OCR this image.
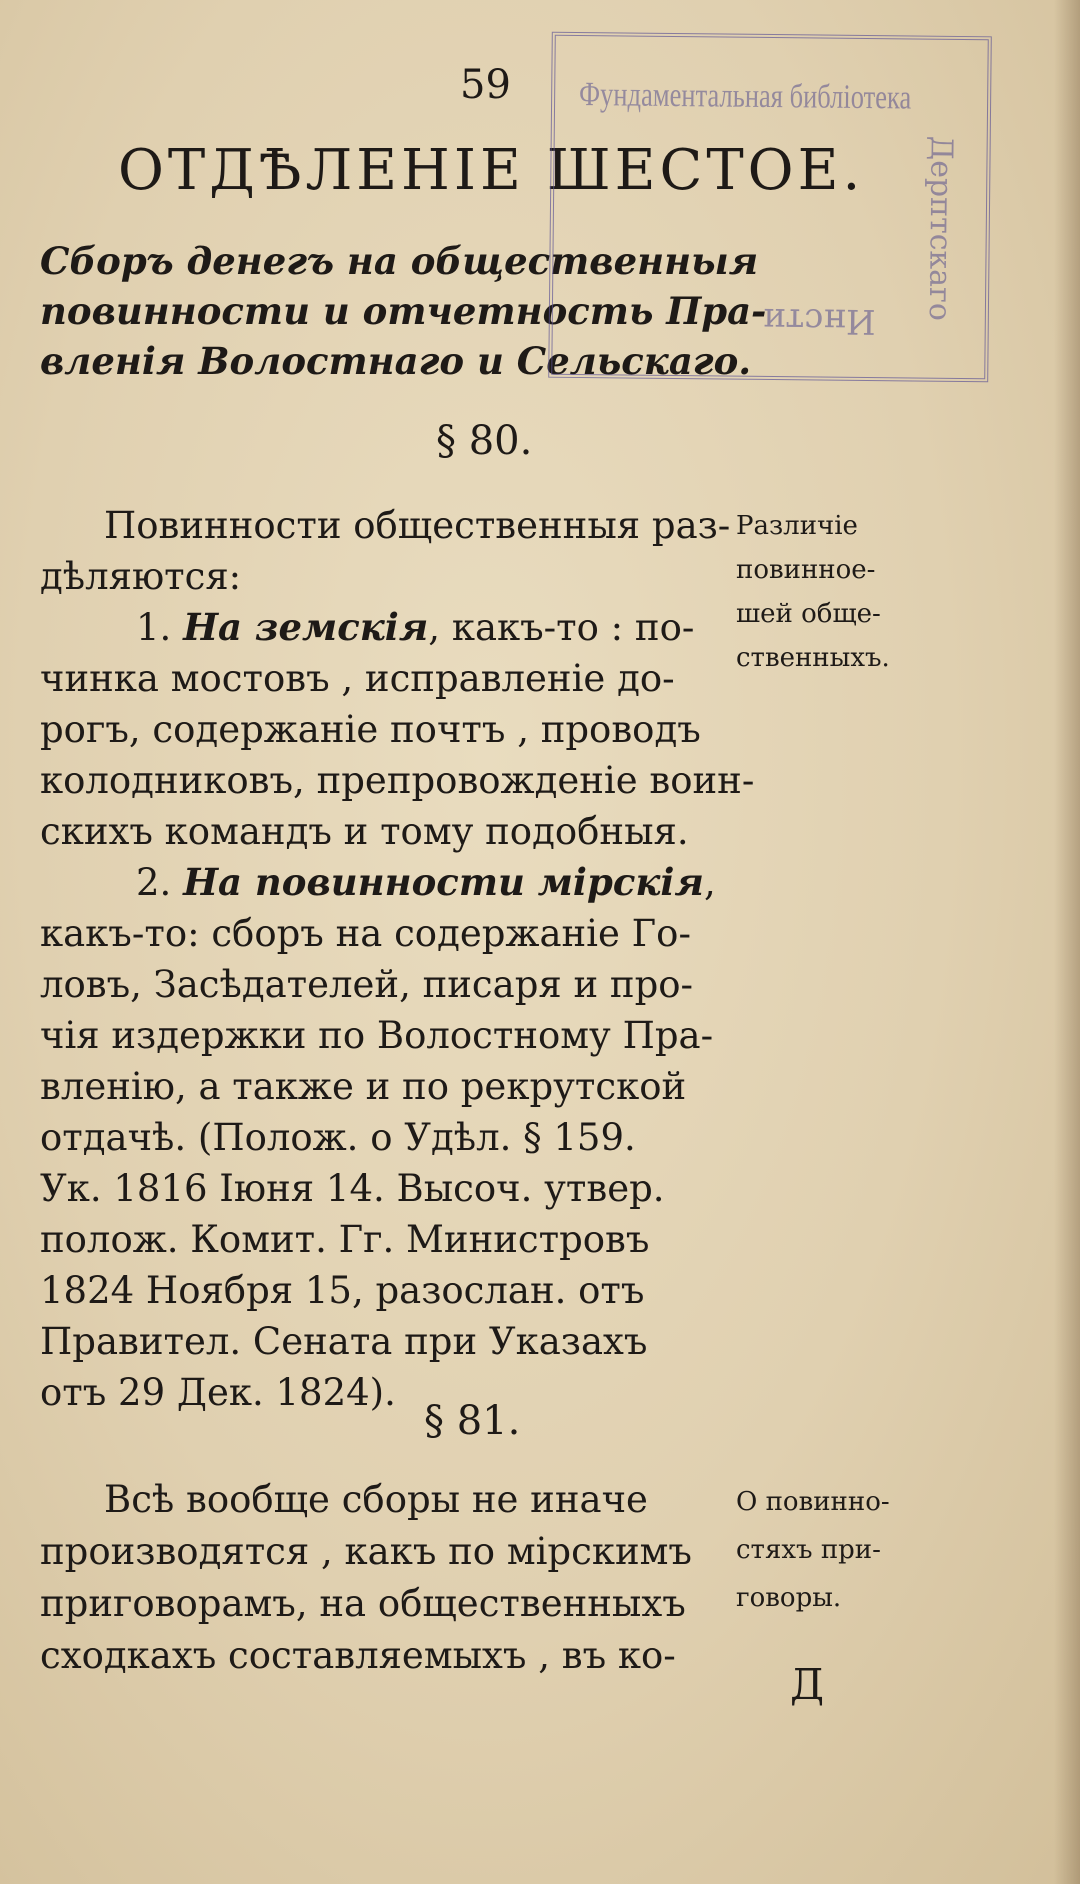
59
ОТДѢЛЕНІЕ ШЕСТОЕ.
Сборъ денегъ на общественныя
повинности и отчетность Пра-
вленія Волостнаго и Сельскаго.
§ 80.
Повинности общественныя раз-
дѣляются:
1. На земскія, какъ-то : по-
чинка мостовъ , исправленіе до-
рогъ, содержаніе почтъ , проводъ
колодниковъ, препровожденіе воин-
скихъ командъ и тому подобныя.
2. На повинности мірскія,
какъ-то: сборъ на содержаніе Го-
ловъ, Засѣдателей, писаря и про-
чія издержки по Волостному Пра-
вленію, а также и по рекрутской
отдачѣ. (Полож. о Удѣл. § 159.
Ук. 1816 Іюня 14. Высоч. утвер.
полож. Комит. Гг. Министровъ
1824 Ноября 15, разослан. отъ
Правител. Сената при Указахъ
отъ 29 Дек. 1824).
Различіе
повинное-
шей обще-
ственныхъ.
§ 81.
Всѣ вообще сборы не иначе
производятся , какъ по мірскимъ
приговорамъ, на общественныхъ
сходкахъ составляемыхъ , въ ко-
О повинно-
стяхъ при-
говоры.
Д
Фундаментальная библіотека
Дерптскаго
Инсти
